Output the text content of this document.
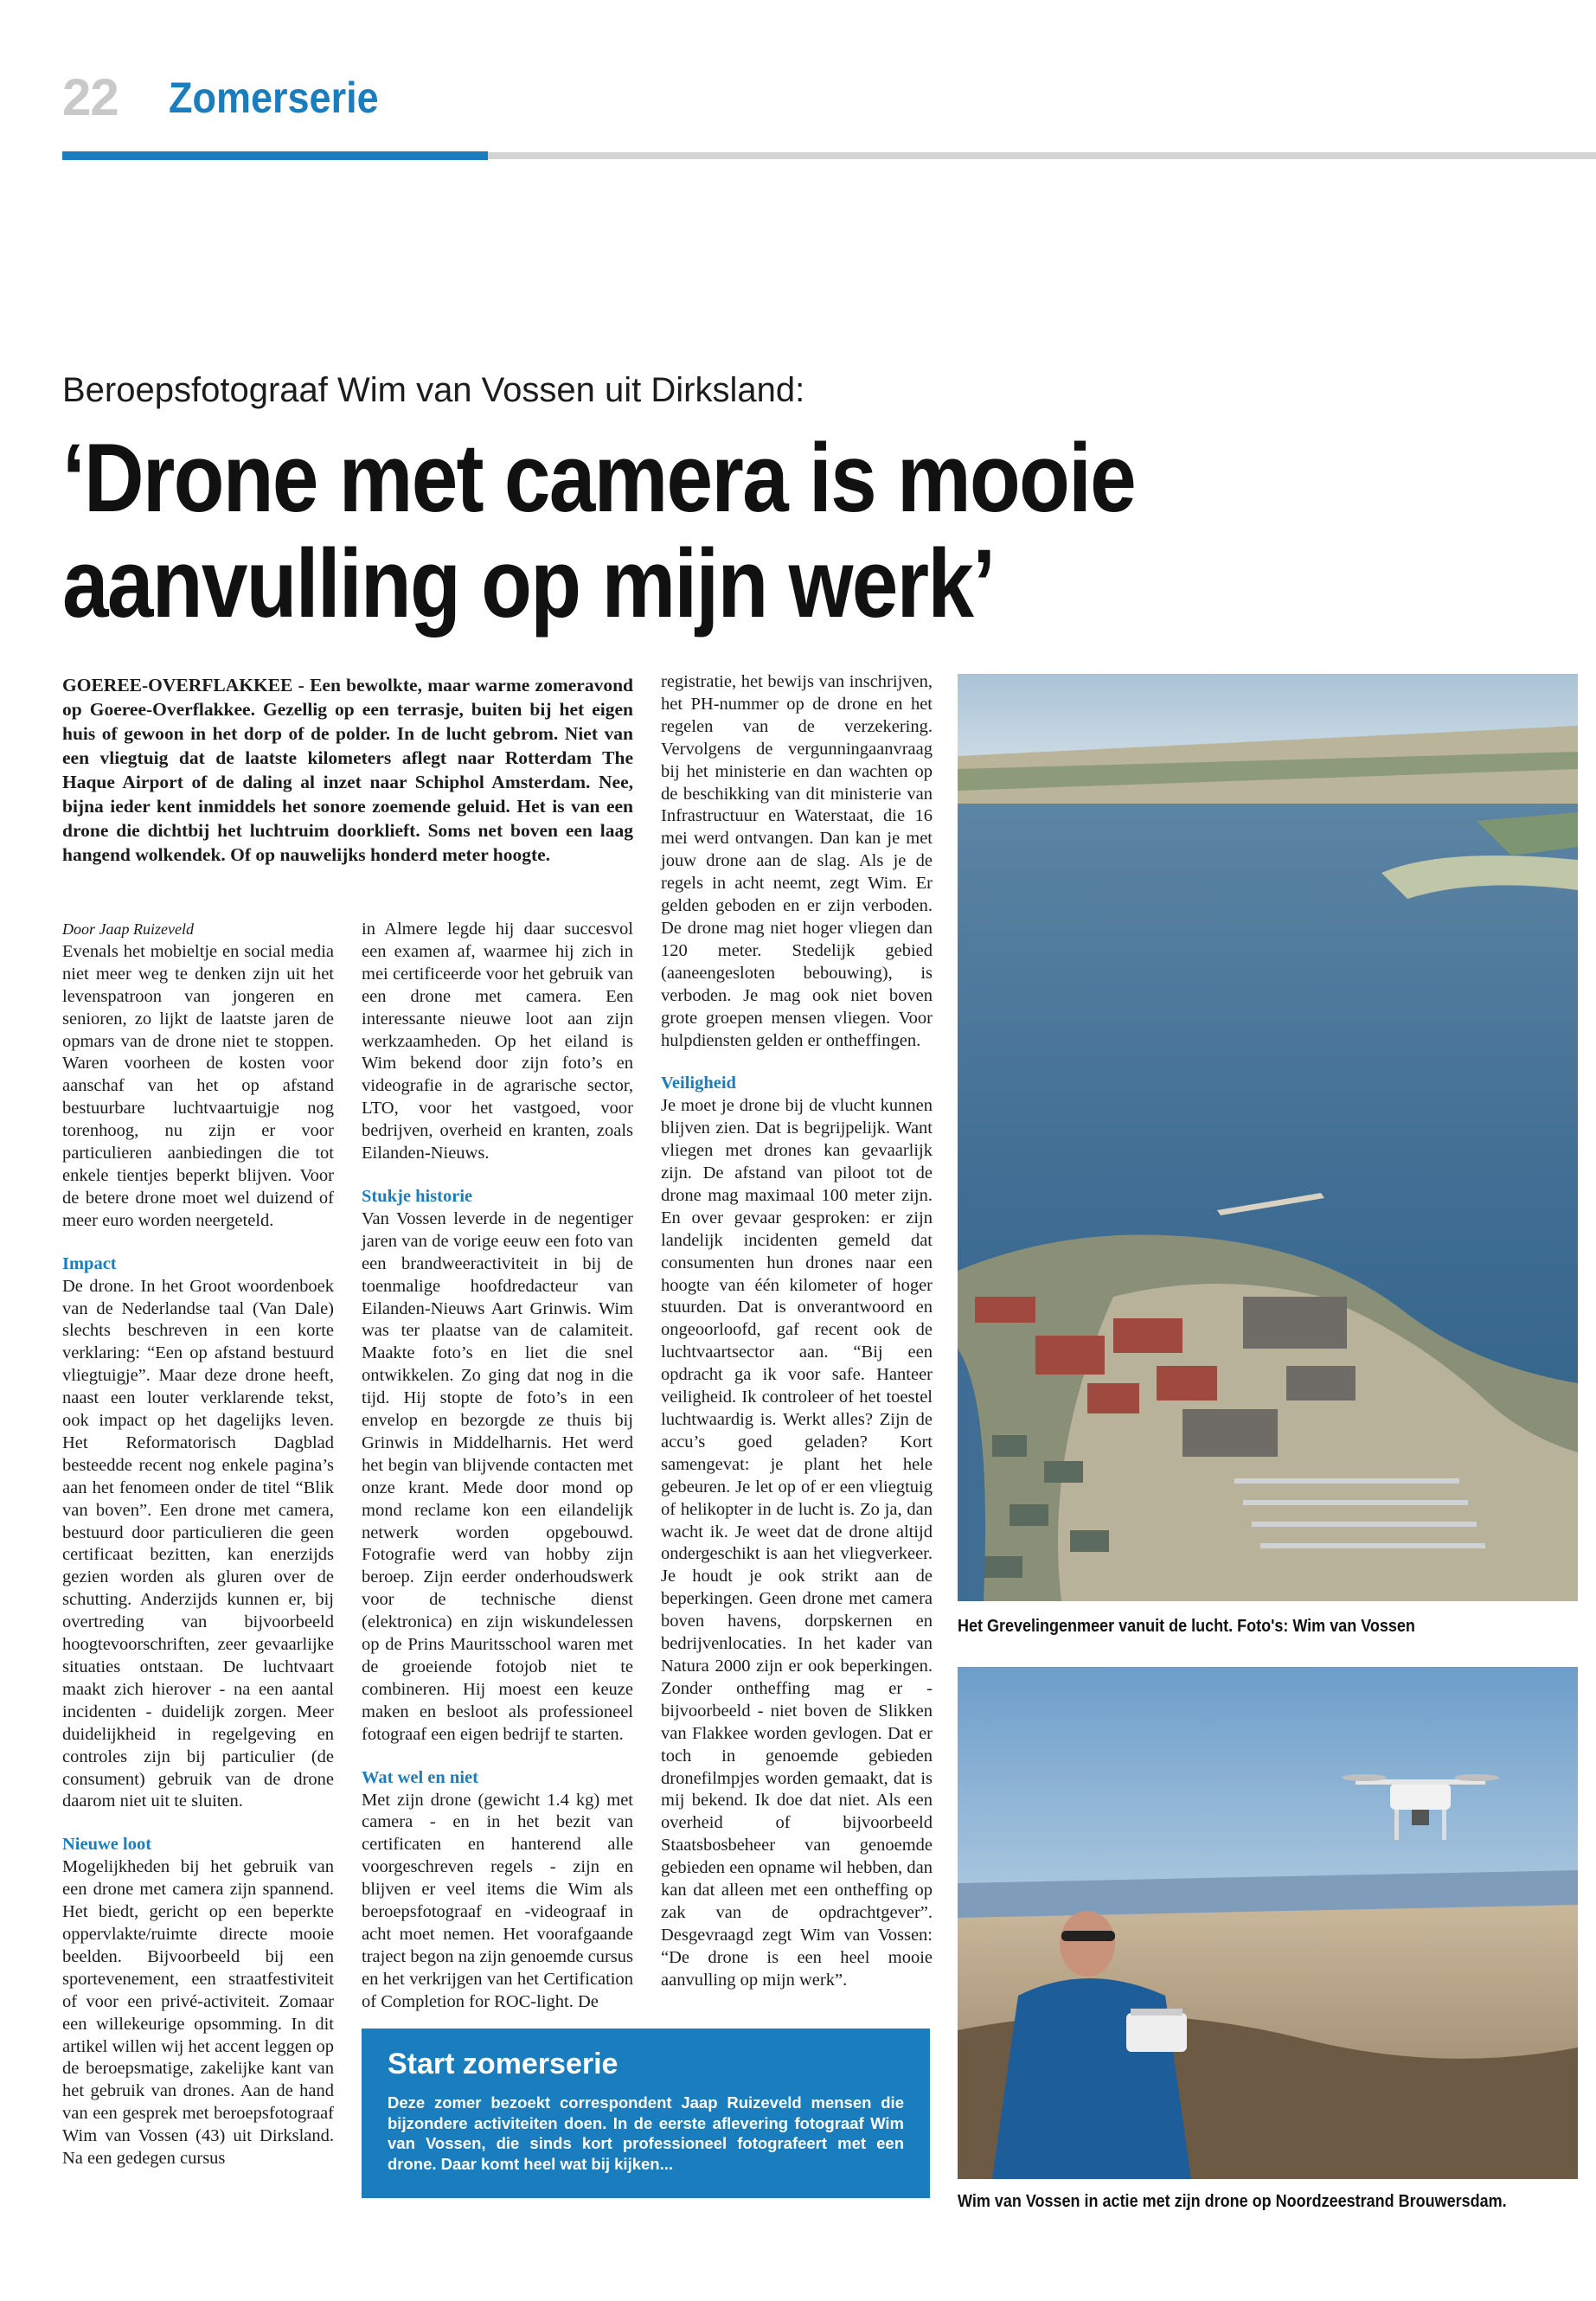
22 Zomerserie
Beroepsfotograaf Wim van Vossen uit Dirksland:
‘Drone met camera is mooie
aanvulling op mijn werk’

GOEREE-OVERFLAKKEE - Een bewolkte, maar warme zomeravond op Goeree-Overflakkee. Gezellig op een terrasje, buiten bij het eigen huis of gewoon in het dorp of de polder. In de lucht gebrom. Niet van een vliegtuig dat de laatste kilometers aflegt naar Rotterdam The Haque Airport of de daling al inzet naar Schiphol Amsterdam. Nee, bijna ieder kent inmiddels het sonore zoemende geluid. Het is van een drone die dichtbij het luchtruim doorklieft. Soms net boven een laag hangend wolkendek. Of op nauwelijks honderd meter hoogte.

Door Jaap Ruizeveld

Evenals het mobieltje en social media niet meer weg te denken zijn uit het levenspatroon van jongeren en senioren, zo lijkt de laatste jaren de opmars van de drone niet te stoppen. Waren voorheen de kosten voor aanschaf van het op afstand bestuurbare luchtvaartuigje nog torenhoog, nu zijn er voor particulieren aanbiedingen die tot enkele tientjes beperkt blijven. Voor de betere drone moet wel duizend of meer euro worden neergeteld.

Impact

De drone. In het Groot woordenboek van de Nederlandse taal (Van Dale) slechts beschreven in een korte verklaring: “Een op afstand bestuurd vliegtuigje”. Maar deze drone heeft, naast een louter verklarende tekst, ook impact op het dagelijks leven. Het Reformatorisch Dagblad besteedde recent nog enkele pagina’s aan het fenomeen onder de titel “Blik van boven”. Een drone met camera, bestuurd door particulieren die geen certificaat bezitten, kan enerzijds gezien worden als gluren over de schutting. Anderzijds kunnen er, bij overtreding van bijvoorbeeld hoogtevoorschriften, zeer gevaarlijke situaties ontstaan. De luchtvaart maakt zich hierover - na een aantal incidenten - duidelijk zorgen. Meer duidelijkheid in regelgeving en controles zijn bij particulier (de consument) gebruik van de drone daarom niet uit te sluiten.

Nieuwe loot

Mogelijkheden bij het gebruik van een drone met camera zijn spannend. Het biedt, gericht op een beperkte oppervlakte/ruimte directe mooie beelden. Bijvoorbeeld bij een sportevenement, een straatfestiviteit of voor een privé-activiteit. Zomaar een willekeurige opsomming. In dit artikel willen wij het accent leggen op de beroepsmatige, zakelijke kant van het gebruik van drones. Aan de hand van een gesprek met beroepsfotograaf Wim van Vossen (43) uit Dirksland. Na een gedegen cursus

in Almere legde hij daar succesvol een examen af, waarmee hij zich in mei certificeerde voor het gebruik van een drone met camera. Een interessante nieuwe loot aan zijn werkzaamheden. Op het eiland is Wim bekend door zijn foto’s en videografie in de agrarische sector, LTO, voor het vastgoed, voor bedrijven, overheid en kranten, zoals Eilanden-Nieuws.

Stukje historie

Van Vossen leverde in de negentiger jaren van de vorige eeuw een foto van een brandweeractiviteit in bij de toenmalige hoofdredacteur van Eilanden-Nieuws Aart Grinwis. Wim was ter plaatse van de calamiteit. Maakte foto’s en liet die snel ontwikkelen. Zo ging dat nog in die tijd. Hij stopte de foto’s in een envelop en bezorgde ze thuis bij Grinwis in Middelharnis. Het werd het begin van blijvende contacten met onze krant. Mede door mond op mond reclame kon een eilandelijk netwerk worden opgebouwd. Fotografie werd van hobby zijn beroep. Zijn eerder onderhoudswerk voor de technische dienst (elektronica) en zijn wiskundelessen op de Prins Mauritsschool waren met de groeiende fotojob niet te combineren. Hij moest een keuze maken en besloot als professioneel fotograaf een eigen bedrijf te starten.

Wat wel en niet

Met zijn drone (gewicht 1.4 kg) met camera - en in het bezit van certificaten en hanterend alle voorgeschreven regels - zijn en blijven er veel items die Wim als beroepsfotograaf en -videograaf in acht moet nemen. Het voorafgaande traject begon na zijn genoemde cursus en het verkrijgen van het Certification of Completion for ROC-light. De

registratie, het bewijs van inschrijven, het PH-nummer op de drone en het regelen van de verzekering. Vervolgens de vergunningaanvraag bij het ministerie en dan wachten op de beschikking van dit ministerie van Infrastructuur en Waterstaat, die 16 mei werd ontvangen. Dan kan je met jouw drone aan de slag. Als je de regels in acht neemt, zegt Wim. Er gelden geboden en er zijn verboden. De drone mag niet hoger vliegen dan 120 meter. Stedelijk gebied (aaneengesloten bebouwing), is verboden. Je mag ook niet boven grote groepen mensen vliegen. Voor hulpdiensten gelden er ontheffingen.

Veiligheid

Je moet je drone bij de vlucht kunnen blijven zien. Dat is begrijpelijk. Want vliegen met drones kan gevaarlijk zijn. De afstand van piloot tot de drone mag maximaal 100 meter zijn. En over gevaar gesproken: er zijn landelijk incidenten gemeld dat consumenten hun drones naar een hoogte van één kilometer of hoger stuurden. Dat is onverantwoord en ongeoorloofd, gaf recent ook de luchtvaartsector aan. “Bij een opdracht ga ik voor safe. Hanteer veiligheid. Ik controleer of het toestel luchtwaardig is. Werkt alles? Zijn de accu’s goed geladen? Kort samengevat: je plant het hele gebeuren. Je let op of er een vliegtuig of helikopter in de lucht is. Zo ja, dan wacht ik. Je weet dat de drone altijd ondergeschikt is aan het vliegverkeer. Je houdt je ook strikt aan de beperkingen. Geen drone met camera boven havens, dorpskernen en bedrijvenlocaties. In het kader van Natura 2000 zijn er ook beperkingen. Zonder ontheffing mag er - bijvoorbeeld - niet boven de Slikken van Flakkee worden gevlogen. Dat er toch in genoemde gebieden dronefilmpjes worden gemaakt, dat is mij bekend. Ik doe dat niet. Als een overheid of bijvoorbeeld Staatsbosbeheer van genoemde gebieden een opname wil hebben, dan kan dat alleen met een ontheffing op zak van de opdrachtgever”. Desgevraagd zegt Wim van Vossen: “De drone is een heel mooie aanvulling op mijn werk”.

Het Grevelingenmeer vanuit de lucht. Foto's: Wim van Vossen
Wim van Vossen in actie met zijn drone op Noordzeestrand Brouwersdam.
Start zomerserie
Deze zomer bezoekt correspondent Jaap Ruizeveld mensen die bijzondere activiteiten doen. In de eerste aflevering fotograaf Wim van Vossen, die sinds kort professioneel fotografeert met een drone. Daar komt heel wat bij kijken...
